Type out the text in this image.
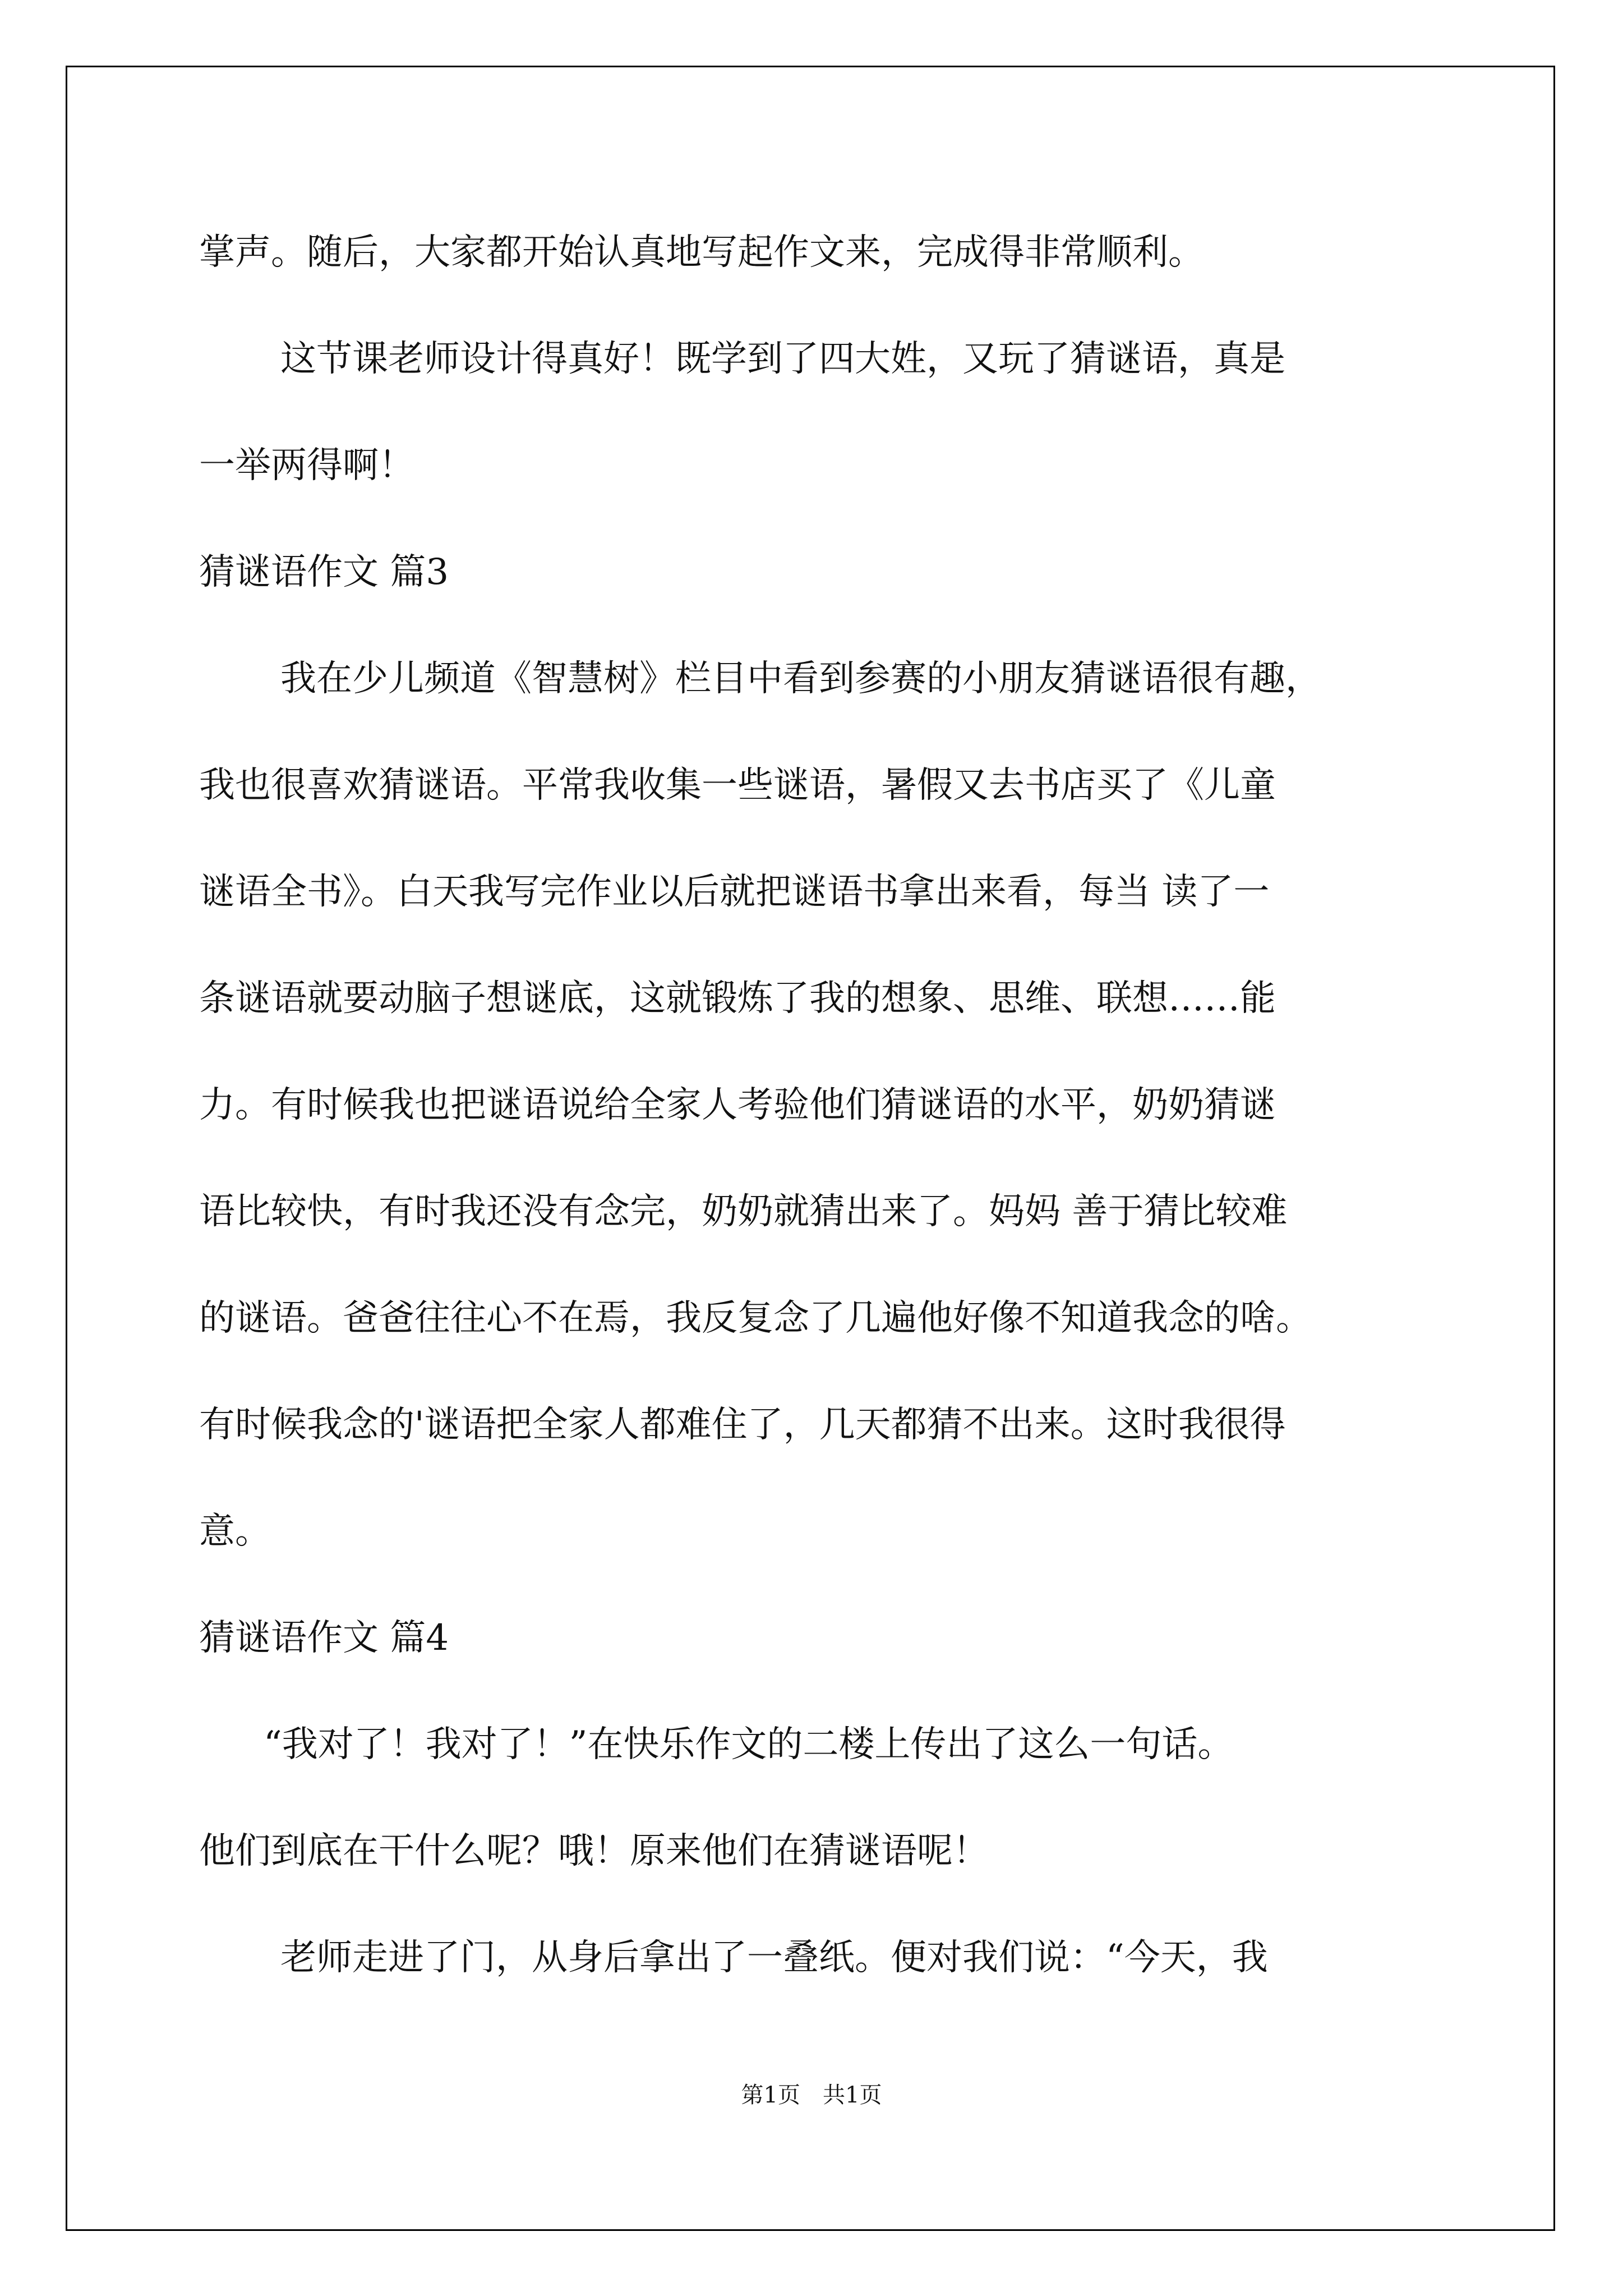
掌声。随后，大家都开始认真地写起作文来，完成得非常顺利。
这节课老师设计得真好！既学到了四大姓，又玩了猜谜语，真是
一举两得啊！
猜谜语作文 篇3
我在少儿频道《智慧树》栏目中看到参赛的小朋友猜谜语很有趣，
我也很喜欢猜谜语。平常我收集一些谜语，暑假又去书店买了《儿童
谜语全书》。白天我写完作业以后就把谜语书拿出来看，每当 读了一
条谜语就要动脑子想谜底，这就锻炼了我的想象、思维、联想……能
力。有时候我也把谜语说给全家人考验他们猜谜语的水平，奶奶猜谜
语比较快，有时我还没有念完，奶奶就猜出来了。妈妈 善于猜比较难
的谜语。爸爸往往心不在焉，我反复念了几遍他好像不知道我念的啥。
有时候我念的'谜语把全家人都难住了，几天都猜不出来。这时我很得
意。
猜谜语作文 篇4
“我对了！我对了！”在快乐作文的二楼上传出了这么一句话。
他们到底在干什么呢？哦！原来他们在猜谜语呢！
老师走进了门，从身后拿出了一叠纸。便对我们说：“今天，我
第1页　共1页
